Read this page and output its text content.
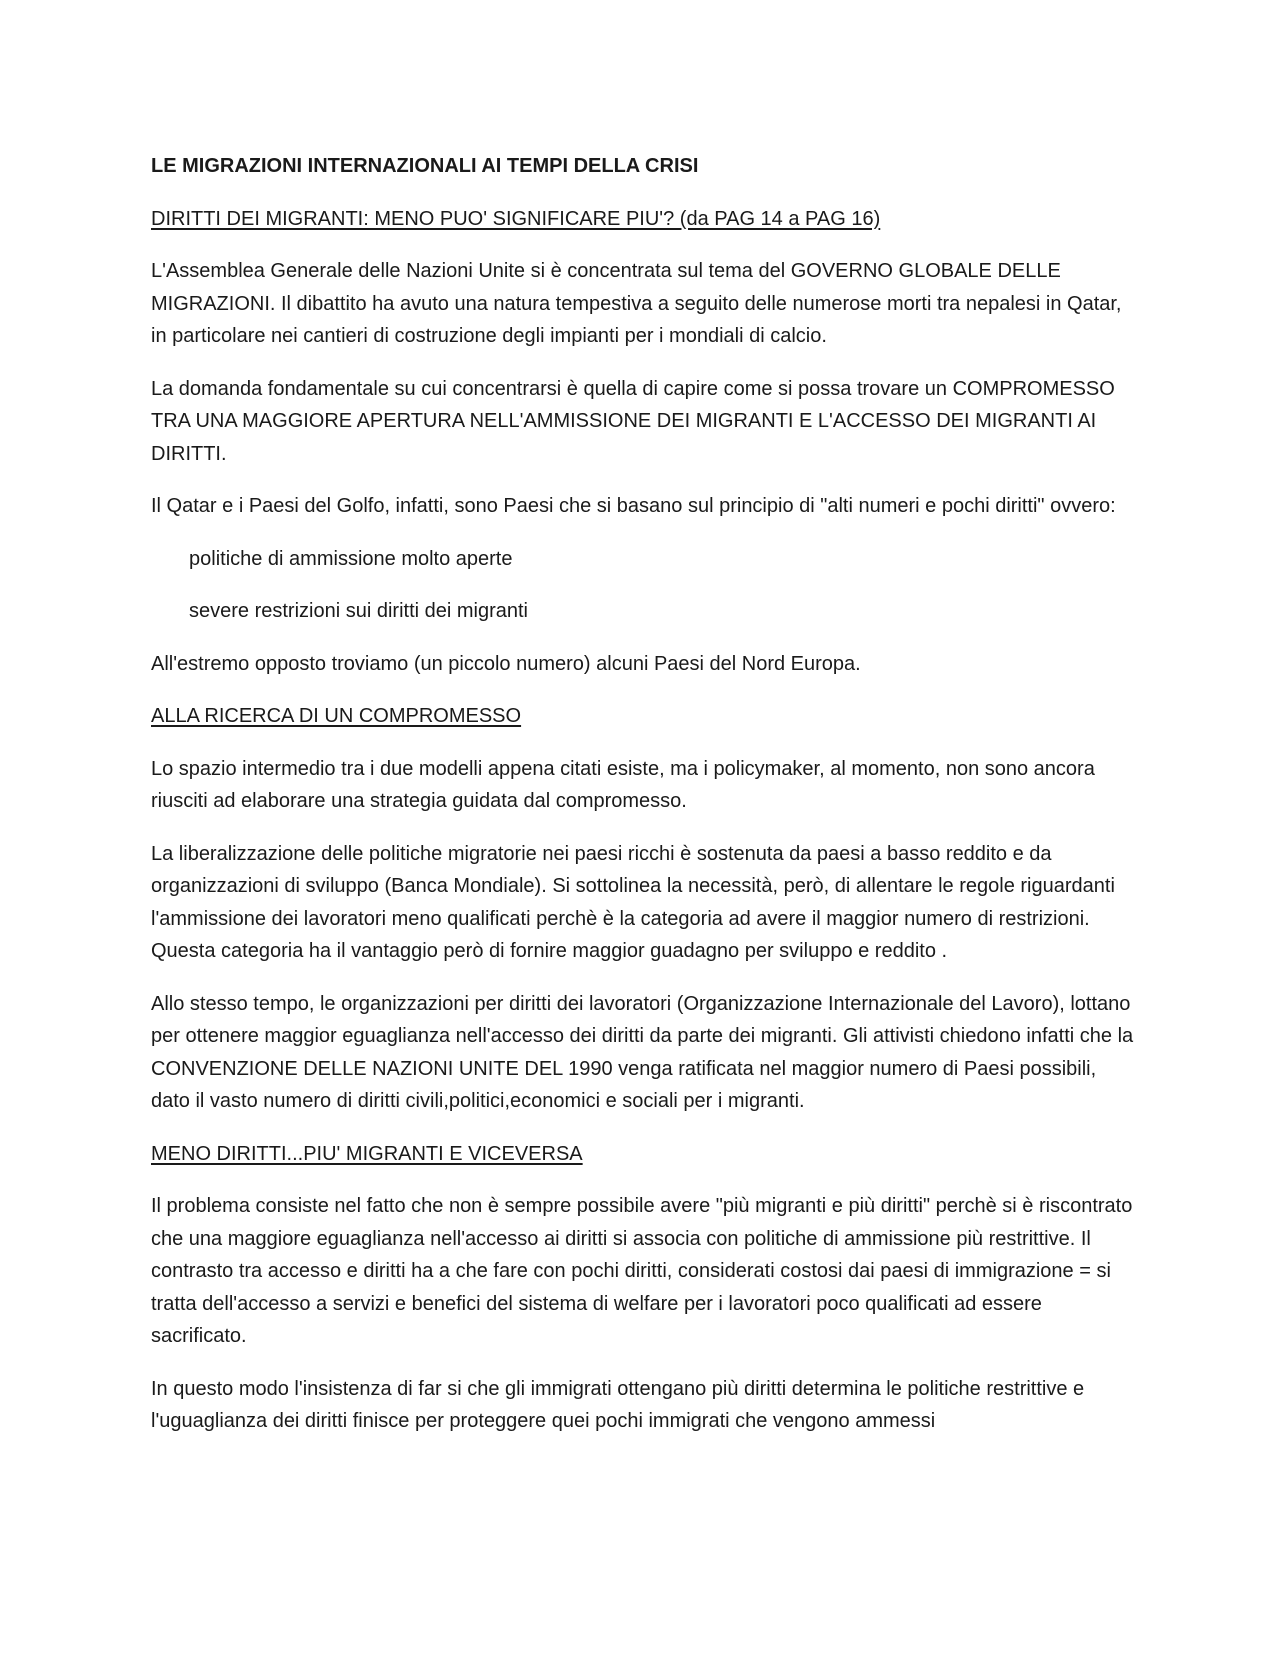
LE MIGRAZIONI INTERNAZIONALI AI TEMPI DELLA CRISI

DIRITTI DEI MIGRANTI: MENO PUO' SIGNIFICARE PIU'? (da PAG 14 a PAG 16)

L'Assemblea Generale delle Nazioni Unite si è concentrata sul tema del GOVERNO GLOBALE DELLE MIGRAZIONI. Il dibattito ha avuto una natura tempestiva a seguito delle numerose morti tra nepalesi in Qatar, in particolare nei cantieri di costruzione degli impianti per i mondiali di calcio.

La domanda fondamentale su cui concentrarsi è quella di capire come si possa trovare un COMPROMESSO TRA UNA MAGGIORE APERTURA NELL'AMMISSIONE DEI MIGRANTI E L'ACCESSO DEI MIGRANTI AI DIRITTI.

Il Qatar e i Paesi del Golfo, infatti, sono Paesi che si basano sul principio di "alti numeri e pochi diritti" ovvero:

politiche di ammissione molto aperte

severe restrizioni sui diritti dei migranti

All'estremo opposto troviamo (un piccolo numero) alcuni Paesi del Nord Europa.

ALLA RICERCA DI UN COMPROMESSO

Lo spazio intermedio tra i due modelli appena citati esiste, ma i policymaker, al momento, non sono ancora riusciti ad elaborare una strategia guidata dal compromesso.

La liberalizzazione delle politiche migratorie nei paesi ricchi è sostenuta da paesi a basso reddito e da organizzazioni di sviluppo (Banca Mondiale). Si sottolinea la necessità, però, di allentare le regole riguardanti l'ammissione dei lavoratori meno qualificati perchè è la categoria ad avere il maggior numero di restrizioni. Questa categoria ha il vantaggio però di fornire maggior guadagno per sviluppo e reddito .

Allo stesso tempo, le organizzazioni per diritti dei lavoratori (Organizzazione Internazionale del Lavoro), lottano per ottenere maggior eguaglianza nell'accesso dei diritti da parte dei migranti. Gli attivisti chiedono infatti che la CONVENZIONE DELLE NAZIONI UNITE DEL 1990 venga ratificata nel maggior numero di Paesi possibili, dato il vasto numero di diritti civili,politici,economici e sociali per i migranti.

MENO DIRITTI...PIU' MIGRANTI E VICEVERSA

Il problema consiste nel fatto che non è sempre possibile avere "più migranti e più diritti" perchè si è riscontrato che una maggiore eguaglianza nell'accesso ai diritti si associa con politiche di ammissione più restrittive. Il contrasto tra accesso e diritti ha a che fare con pochi diritti, considerati costosi dai paesi di immigrazione = si tratta dell'accesso a servizi e benefici del sistema di welfare per i lavoratori poco qualificati ad essere sacrificato.

In questo modo l'insistenza di far si che gli immigrati ottengano più diritti determina le politiche restrittive e l'uguaglianza dei diritti finisce per proteggere quei pochi immigrati che vengono ammessi
